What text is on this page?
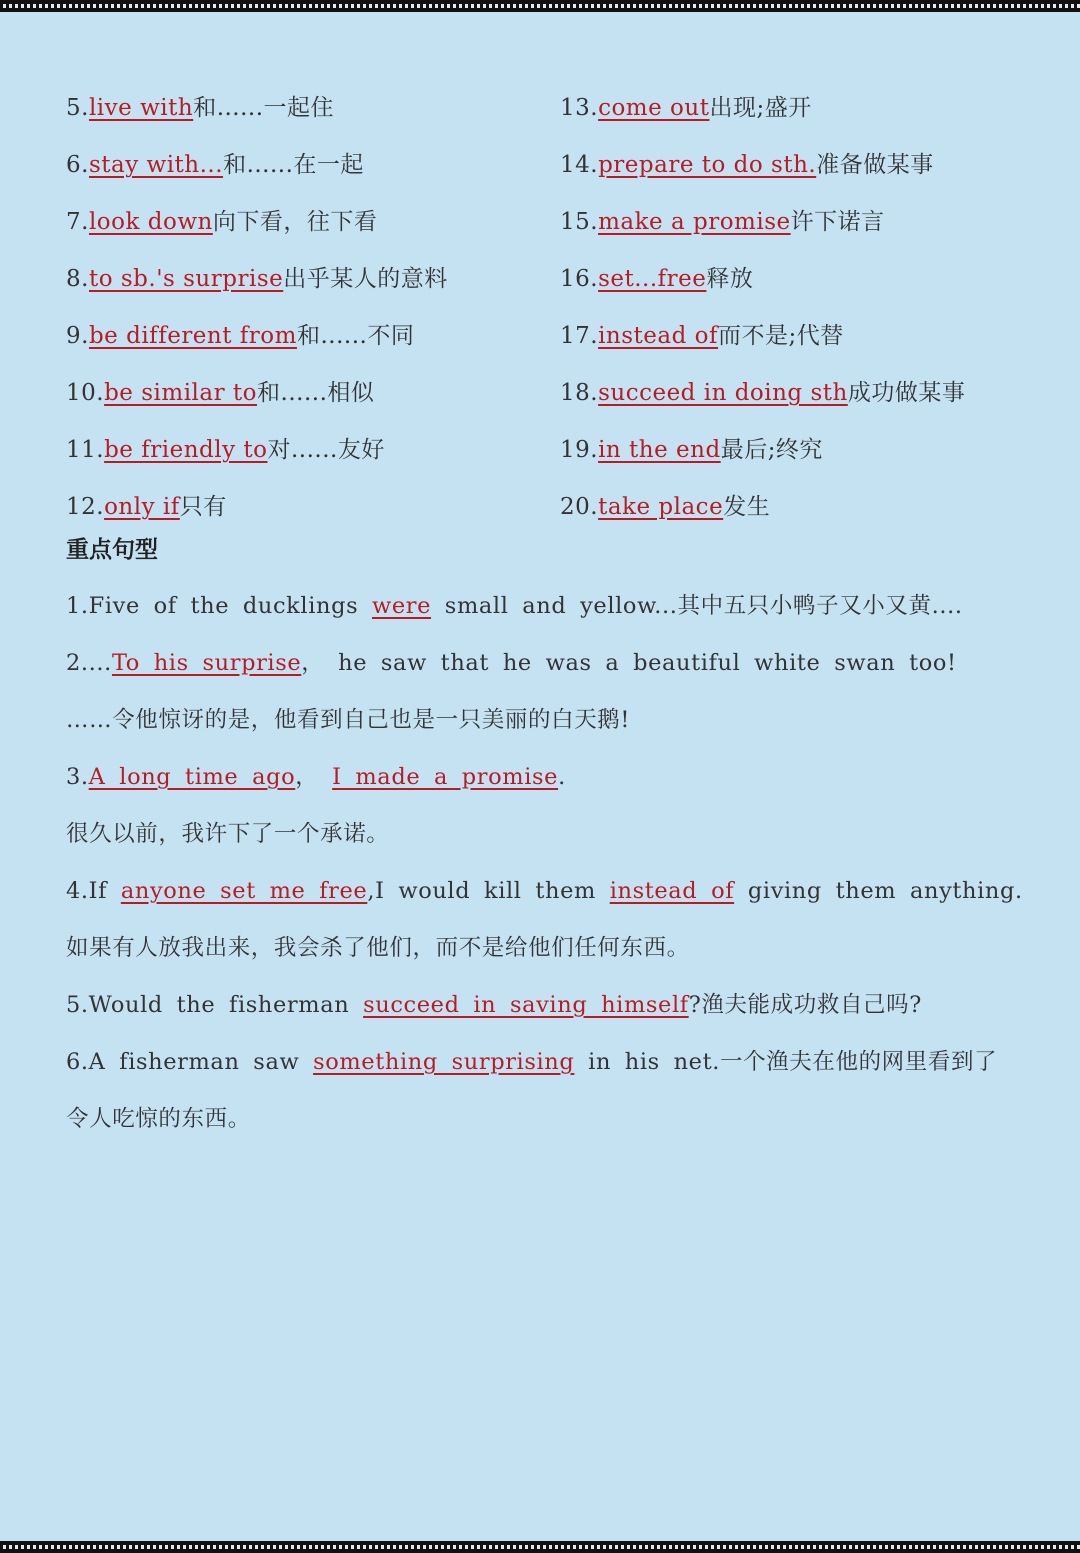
5.live with和......一起住
6.stay with...和......在一起
7.look down向下看，往下看
8.to sb.'s surprise出乎某人的意料
9.be different from和......不同
10.be similar to和......相似
11.be friendly to对......友好
12.only if只有
13.come out出现;盛开
14.prepare to do sth.准备做某事
15.make a promise许下诺言
16.set...free释放
17.instead of而不是;代替
18.succeed in doing sth成功做某事
19.in the end最后;终究
20.take place发生
重点句型
1.Five of the ducklings were small and yellow...其中五只小鸭子又小又黄....
2....To his surprise， he saw that he was a beautiful white swan too!
……令他惊讶的是，他看到自己也是一只美丽的白天鹅!
3.A long time ago， I made a promise.
很久以前，我许下了一个承诺。
4.If anyone set me free,I would kill them instead of giving them anything.
如果有人放我出来，我会杀了他们，而不是给他们任何东西。
5.Would the fisherman succeed in saving himself?渔夫能成功救自己吗?
6.A fisherman saw something surprising in his net.一个渔夫在他的网里看到了
令人吃惊的东西。
